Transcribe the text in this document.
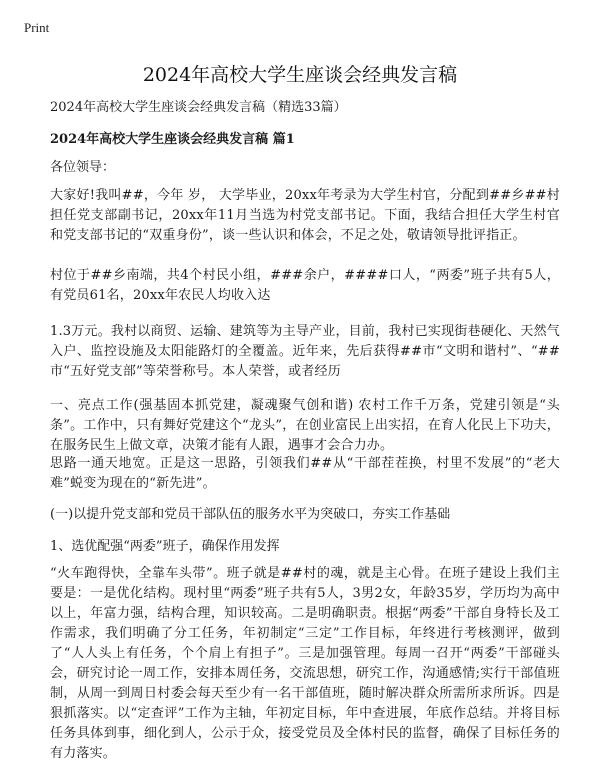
Print
2024年高校大学生座谈会经典发言稿

2024年高校大学生座谈会经典发言稿（精选33篇）

2024年高校大学生座谈会经典发言稿 篇1

各位领导：

大家好!我叫##，今年 岁， 大学毕业，20xx年考录为大学生村官，分配到##乡##村担任党支部副书记，20xx年11月当选为村党支部书记。下面，我结合担任大学生村官和党支部书记的“双重身份”，谈一些认识和体会，不足之处，敬请领导批评指正。

村位于##乡南端，共4个村民小组，###余户，####口人，“两委”班子共有5人，有党员61名，20xx年农民人均收入达

1.3万元。我村以商贸、运输、建筑等为主导产业，目前，我村已实现街巷硬化、天然气入户、监控设施及太阳能路灯的全覆盖。近年来，先后获得##市“文明和谐村”、“##市“五好党支部”等荣誉称号。本人荣誉，或者经历

一、亮点工作(强基固本抓党建，凝魂聚气创和谐) 农村工作千万条，党建引领是“头条”。工作中，只有舞好党建这个“龙头”，在创业富民上出实招，在育人化民上下功夫，在服务民生上做文章，决策才能有人跟，遇事才会合力办。

思路一通天地宽。正是这一思路，引领我们##从“干部茬茬换，村里不发展”的“老大难”蜕变为现在的“新先进”。

(一)以提升党支部和党员干部队伍的服务水平为突破口，夯实工作基础

1、选优配强“两委”班子，确保作用发挥

“火车跑得快，全靠车头带”。班子就是##村的魂，就是主心骨。在班子建设上我们主要是：一是优化结构。现村里“两委”班子共有5人，3男2女，年龄35岁，学历均为高中以上，年富力强，结构合理，知识较高。二是明确职责。根据“两委”干部自身特长及工作需求，我们明确了分工任务，年初制定“三定”工作目标，年终进行考核测评，做到了“人人头上有任务，个个肩上有担子”。三是加强管理。每周一召开“两委”干部碰头会，研究讨论一周工作，安排本周任务，交流思想，研究工作，沟通感情;实行干部值班制，从周一到周日村委会每天至少有一名干部值班，随时解决群众所需所求所诉。四是狠抓落实。以“定查评”工作为主轴，年初定目标，年中查进展，年底作总结。并将目标任务具体到事，细化到人，公示于众，接受党员及全体村民的监督，确保了目标任务的有力落实。
